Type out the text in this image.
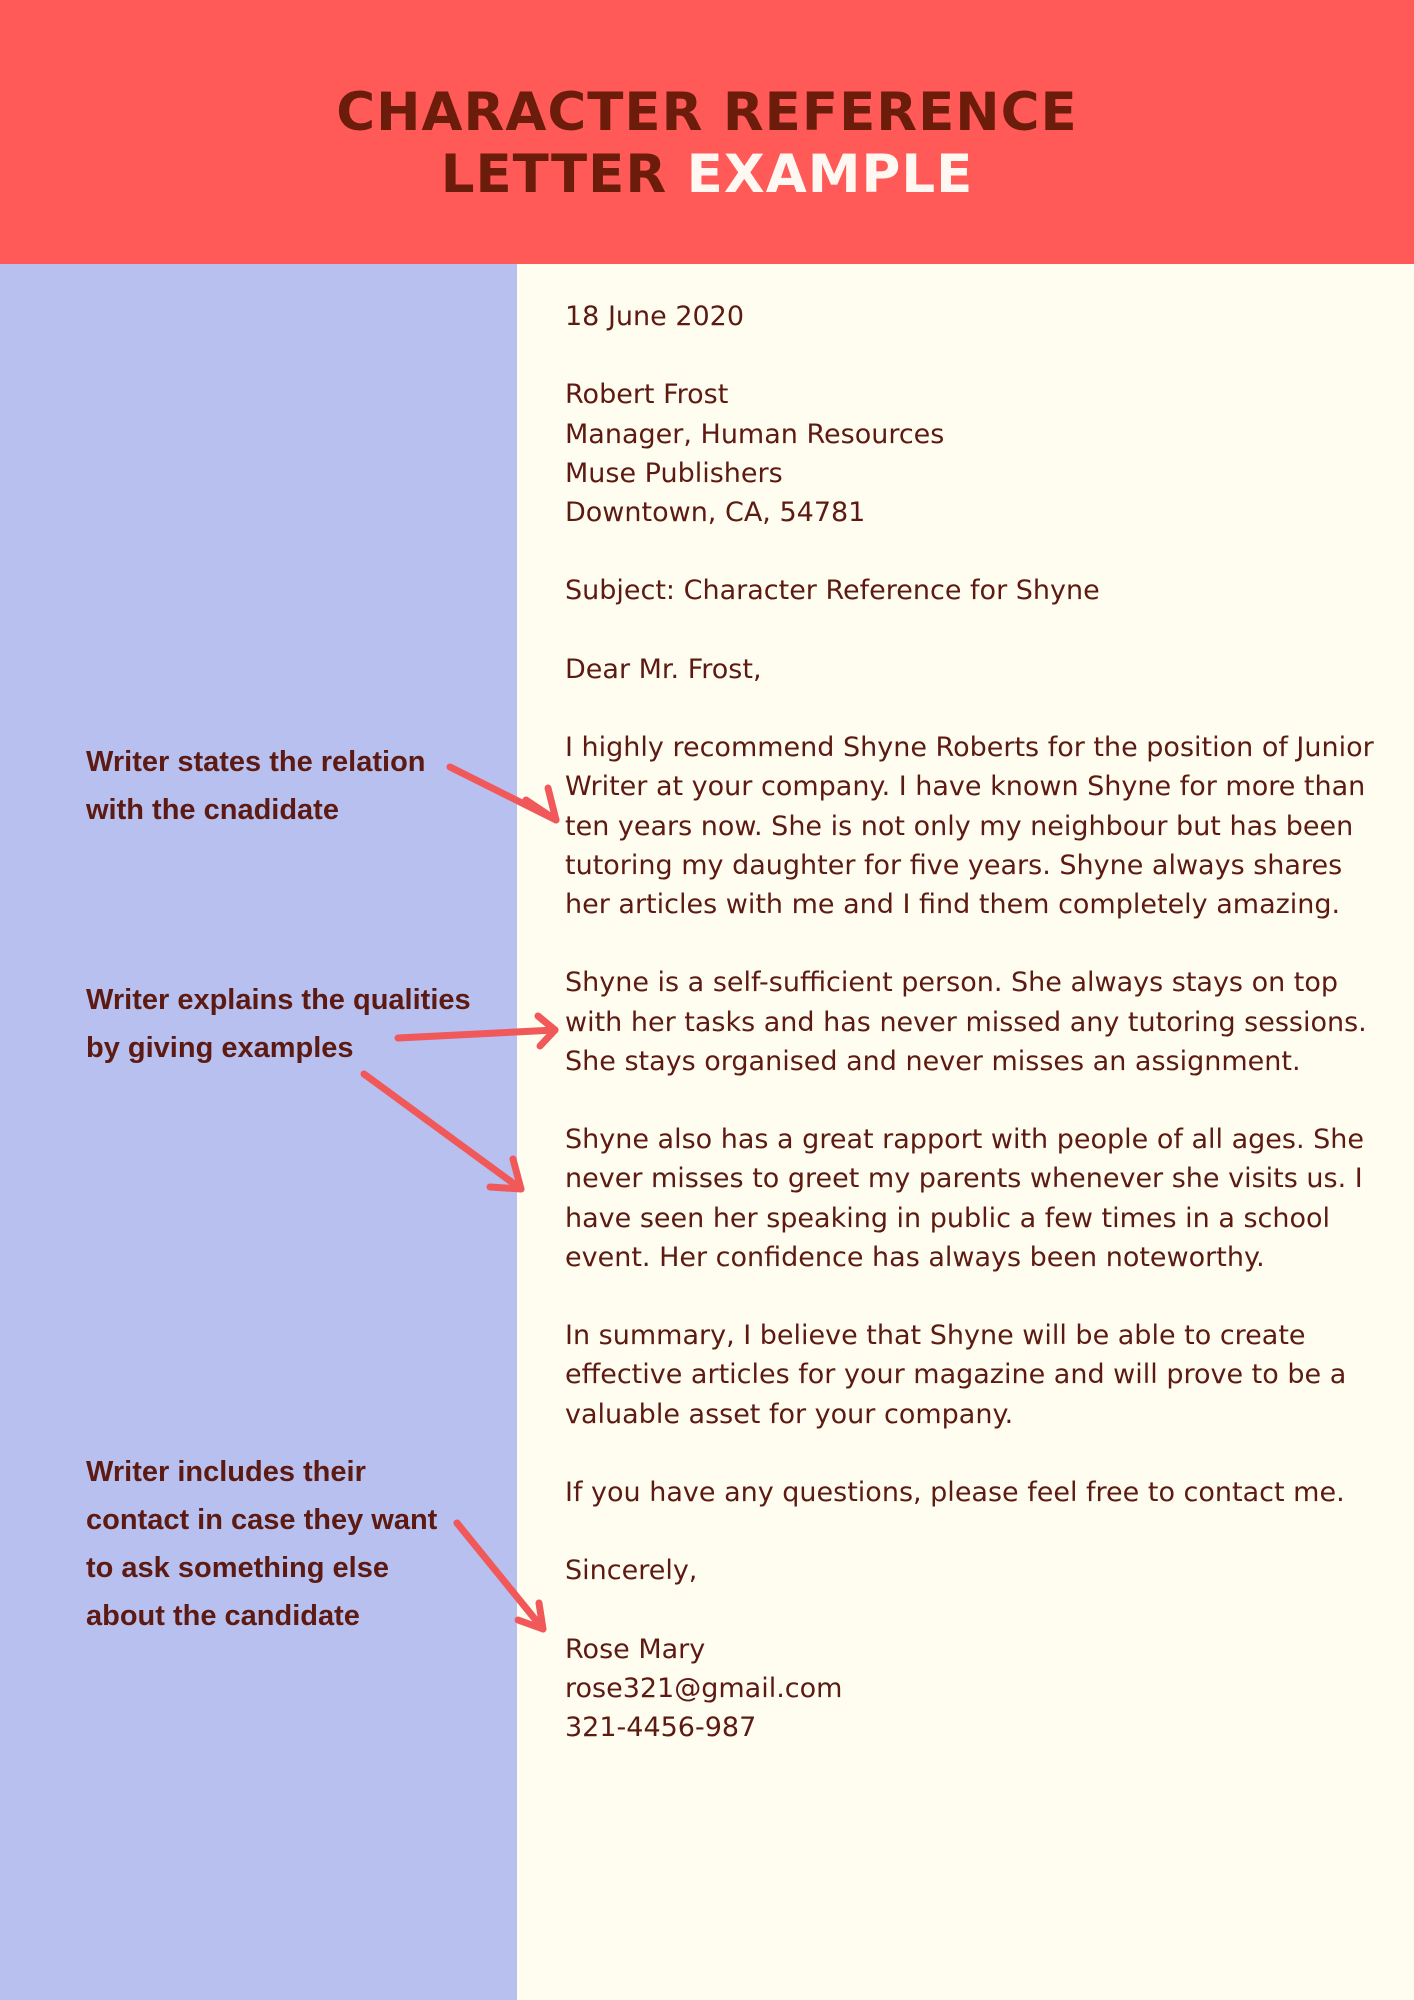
CHARACTER REFERENCE
LETTER EXAMPLE

Writer states the relation
with the cnadidate

Writer explains the qualities
by giving examples

Writer includes their
contact in case they want
to ask something else
about the candidate

18 June 2020

Robert Frost
Manager, Human Resources
Muse Publishers
Downtown, CA, 54781

Subject: Character Reference for Shyne

Dear Mr. Frost,

I highly recommend Shyne Roberts for the position of Junior
Writer at your company. I have known Shyne for more than
ten years now. She is not only my neighbour but has been
tutoring my daughter for five years. Shyne always shares
her articles with me and I find them completely amazing.

Shyne is a self-sufficient person. She always stays on top
with her tasks and has never missed any tutoring sessions.
She stays organised and never misses an assignment.

Shyne also has a great rapport with people of all ages. She
never misses to greet my parents whenever she visits us. I
have seen her speaking in public a few times in a school
event. Her confidence has always been noteworthy.

In summary, I believe that Shyne will be able to create
effective articles for your magazine and will prove to be a
valuable asset for your company.

If you have any questions, please feel free to contact me.

Sincerely,

Rose Mary
rose321@gmail.com
321-4456-987
